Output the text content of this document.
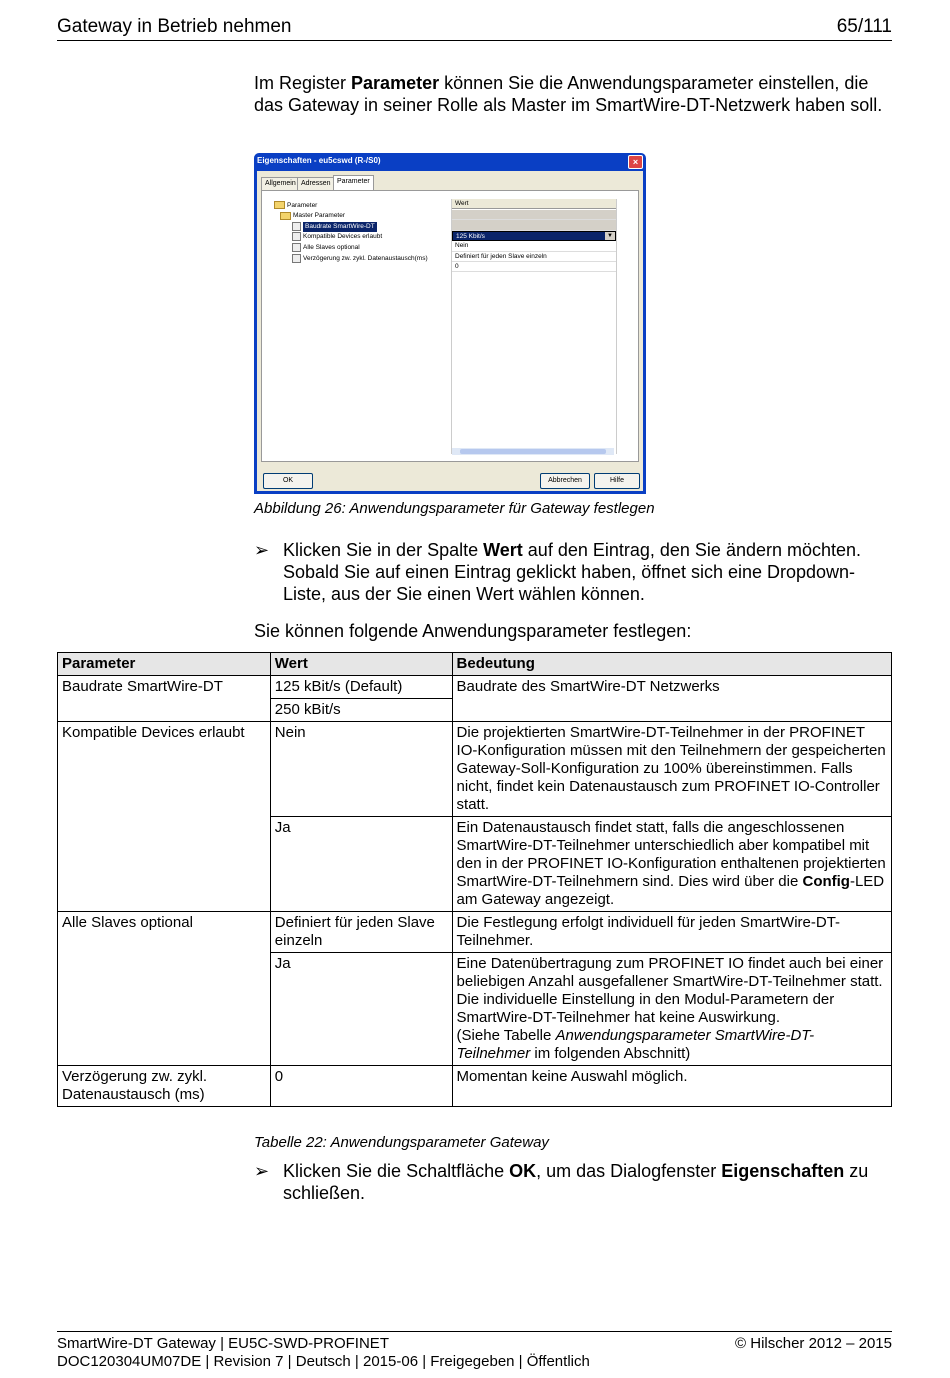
Gateway in Betrieb nehmen	65/111
Im Register Parameter können Sie die Anwendungsparameter einstellen, die das Gateway in seiner Rolle als Master im SmartWire-DT-Netzwerk haben soll.
Eigenschaften - eu5cswd (R-/S0)	×
Allgemein Adressen Parameter
Parameter
Master Parameter
Baudrate SmartWire-DT
Kompatible Devices erlaubt
Alle Slaves optional
Verzögerung zw. zykl. Datenaustausch(ms)
Wert
125 Kbit/s	▼
Nein
Definiert für jeden Slave einzeln
0
OK	Abbrechen	Hilfe
Abbildung 26: Anwendungsparameter für Gateway festlegen
➢ Klicken Sie in der Spalte Wert auf den Eintrag, den Sie ändern möchten. Sobald Sie auf einen Eintrag geklickt haben, öffnet sich eine Dropdown-Liste, aus der Sie einen Wert wählen können.
Sie können folgende Anwendungsparameter festlegen:
Parameter	Wert	Bedeutung
Baudrate SmartWire-DT	125 kBit/s (Default)	Baudrate des SmartWire-DT Netzwerks
	250 kBit/s	
Kompatible Devices erlaubt	Nein	Die projektierten SmartWire-DT-Teilnehmer in der PROFINET IO-Konfiguration müssen mit den Teilnehmern der gespeicherten Gateway-Soll-Konfiguration zu 100% übereinstimmen. Falls nicht, findet kein Datenaustausch zum PROFINET IO-Controller statt.
	Ja	Ein Datenaustausch findet statt, falls die angeschlossenen SmartWire-DT-Teilnehmer unterschiedlich aber kompatibel mit den in der PROFINET IO-Konfiguration enthaltenen projektierten SmartWire-DT-Teilnehmern sind. Dies wird über die Config-LED am Gateway angezeigt.
Alle Slaves optional	Definiert für jeden Slave einzeln	Die Festlegung erfolgt individuell für jeden SmartWire-DT-Teilnehmer.
	Ja	Eine Datenübertragung zum PROFINET IO findet auch bei einer beliebigen Anzahl ausgefallener SmartWire-DT-Teilnehmer statt. Die individuelle Einstellung in den Modul-Parametern der SmartWire-DT-Teilnehmer hat keine Auswirkung.
(Siehe Tabelle Anwendungsparameter SmartWire-DT-Teilnehmer im folgenden Abschnitt)
Verzögerung zw. zykl. Datenaustausch (ms)	0	Momentan keine Auswahl möglich.
Tabelle 22: Anwendungsparameter Gateway
➢ Klicken Sie die Schaltfläche OK, um das Dialogfenster Eigenschaften zu schließen.
SmartWire-DT Gateway | EU5C-SWD-PROFINET
DOC120304UM07DE | Revision 7 | Deutsch | 2015-06 | Freigegeben | Öffentlich
© Hilscher 2012 – 2015
